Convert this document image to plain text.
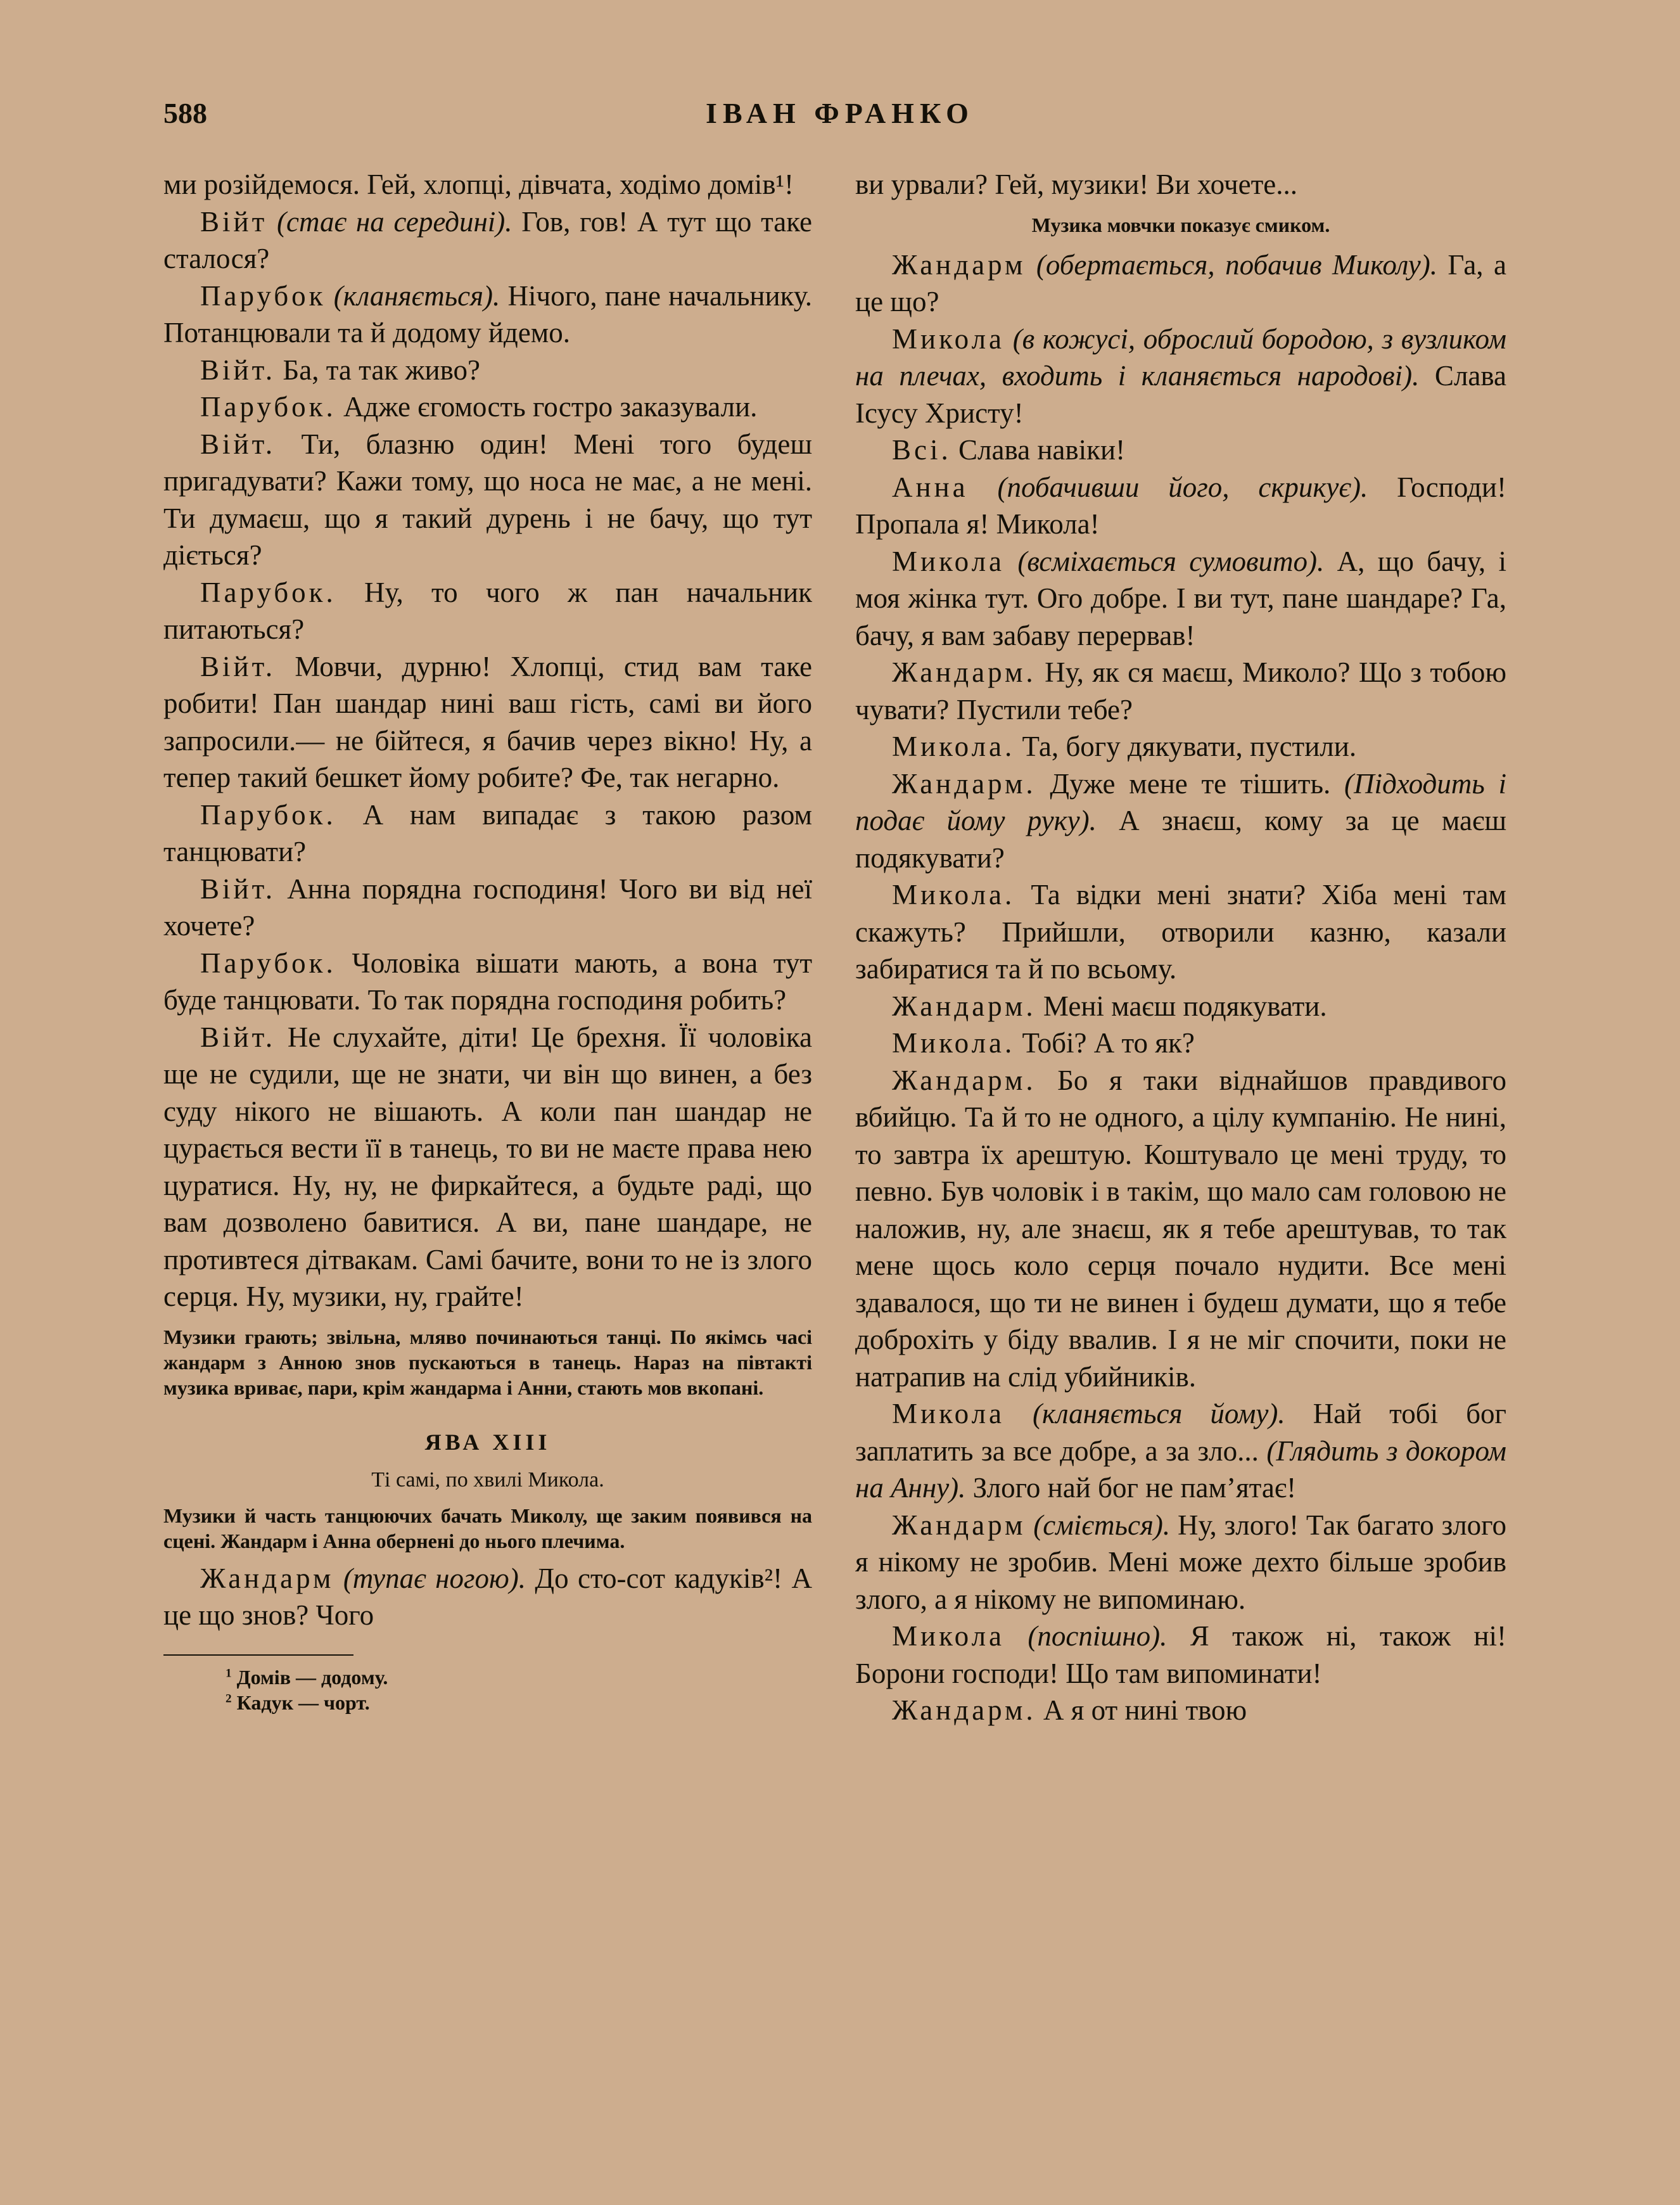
588	ІВАН ФРАНКО

ми розійдемося. Гей, хлопці, дівчата, ходімо домів¹!

Війт (стає на середині). Гов, гов! А тут що таке сталося?

Парубок (кланяється). Нічого, пане начальнику. Потанцювали та й додому йдемо.

Війт. Ба, та так живо?

Парубок. Адже єгомость гостро заказували.

Війт. Ти, блазню один! Мені того будеш пригадувати? Кажи тому, що носа не має, а не мені. Ти думаєш, що я такий дурень і не бачу, що тут діється?

Парубок. Ну, то чого ж пан начальник питаються?

Війт. Мовчи, дурню! Хлопці, стид вам таке робити! Пан шандар нині ваш гість, самі ви його запросили.— не бійтеся, я бачив через вікно! Ну, а тепер такий бешкет йому робите? Фе, так негарно.

Парубок. А нам випадає з такою разом танцювати?

Війт. Анна порядна господиня! Чого ви від неї хочете?

Парубок. Чоловіка вішати мають, а вона тут буде танцювати. То так порядна господиня робить?

Війт. Не слухайте, діти! Це брехня. Її чоловіка ще не судили, ще не знати, чи він що винен, а без суду нікого не вішають. А коли пан шандар не цурається вести її в танець, то ви не маєте права нею цуратися. Ну, ну, не фиркайтеся, а будьте раді, що вам дозволено бавитися. А ви, пане шандаре, не противтеся дітвакам. Самі бачите, вони то не із злого серця. Ну, музики, ну, грайте!

Музики грають; звільна, мляво починаються танці. По якімсь часі жандарм з Анною знов пускаються в танець. Нараз на півтакті музика вриває, пари, крім жандарма і Анни, стають мов вкопані.
ЯВА XIII
Ті самі, по хвилі Микола.
Музики й часть танцюючих бачать Миколу, ще заким появився на сцені. Жандарм і Анна обернені до нього плечима.

Жандарм (тупає ногою). До сто-сот кадуків²! А це що знов? Чого

$^1$ Домів — додому.

$^2$ Кадук — чорт.

ви урвали? Гей, музики! Ви хочете...

Музика мовчки показує смиком.

Жандарм (обертається, побачив Миколу). Га, а це що?

Микола (в кожусі, оброслий бородою, з вузликом на плечах, входить і кланяється народові). Слава Ісусу Христу!

Всі. Слава навіки!

Анна (побачивши його, скрикує). Господи! Пропала я! Микола!

Микола (всміхається сумовито). А, що бачу, і моя жінка тут. Ого добре. І ви тут, пане шандаре? Га, бачу, я вам забаву перервав!

Жандарм. Ну, як ся маєш, Миколо? Що з тобою чувати? Пустили тебе?

Микола. Та, богу дякувати, пустили.

Жандарм. Дуже мене те тішить. (Підходить і подає йому руку). А знаєш, кому за це маєш подякувати?

Микола. Та відки мені знати? Хіба мені там скажуть? Прийшли, отворили казню, казали забиратися та й по всьому.

Жандарм. Мені маєш подякувати.

Микола. Тобі? А то як?

Жандарм. Бо я таки віднайшов правдивого вбийцю. Та й то не одного, а цілу кумпанію. Не нині, то завтра їх арештую. Коштувало це мені труду, то певно. Був чоловік і в такім, що мало сам головою не наложив, ну, але знаєш, як я тебе арештував, то так мене щось коло серця почало нудити. Все мені здавалося, що ти не винен і будеш думати, що я тебе доброхіть у біду ввалив. І я не міг спочити, поки не натрапив на слід убийників.

Микола (кланяється йому). Най тобі бог заплатить за все добре, а за зло... (Глядить з докором на Анну). Злого най бог не пам’ятає!

Жандарм (сміється). Ну, злого! Так багато злого я нікому не зробив. Мені може дехто більше зробив злого, а я нікому не випоминаю.

Микола (поспішно). Я також ні, також ні! Борони господи! Що там випоминати!

Жандарм. А я от нині твою
